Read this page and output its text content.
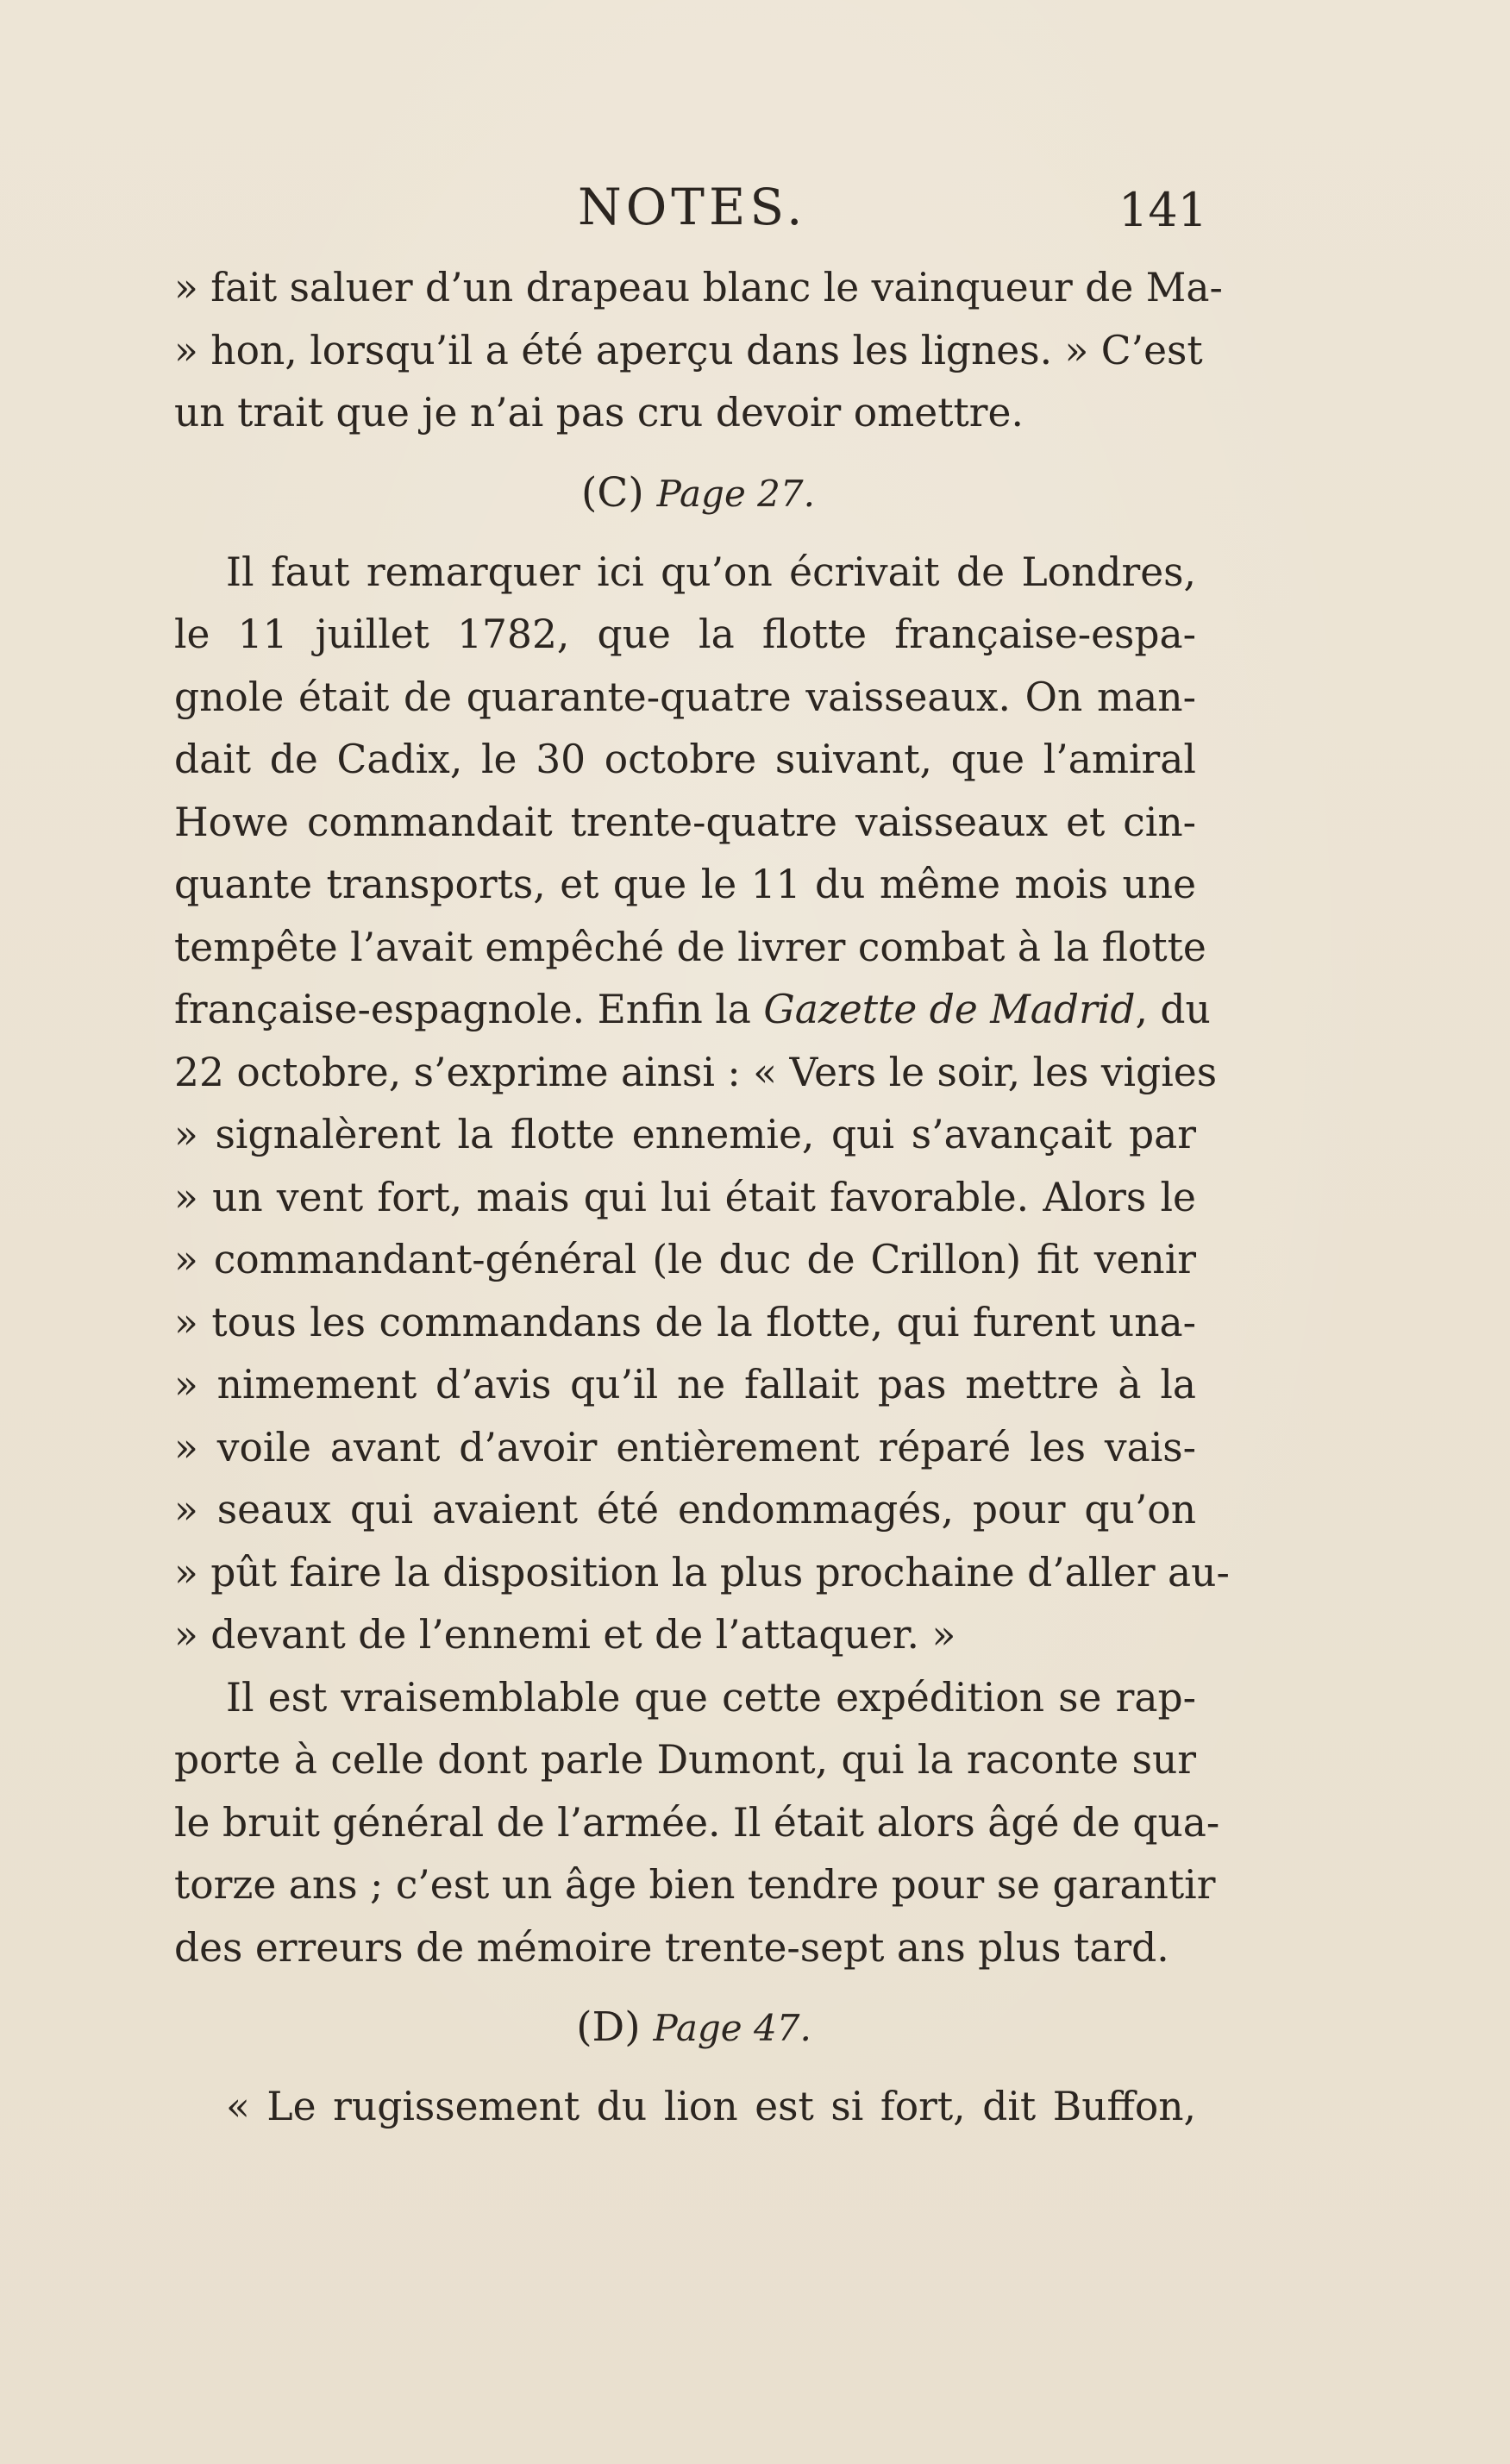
NOTES.	141
» fait saluer d’un drapeau blanc le vainqueur de Ma-
» hon, lorsqu’il a été aperçu dans les lignes. » C’est
un trait que je n’ai pas cru devoir omettre.
(C) Page 27.
Il faut remarquer ici qu’on écrivait de Londres,
le 11 juillet 1782, que la flotte française-espa-
gnole était de quarante-quatre vaisseaux. On man-
dait de Cadix, le 30 octobre suivant, que l’amiral
Howe commandait trente-quatre vaisseaux et cin-
quante transports, et que le 11 du même mois une
tempête l’avait empêché de livrer combat à la flotte
française-espagnole. Enfin la Gazette de Madrid, du
22 octobre, s’exprime ainsi : « Vers le soir, les vigies
» signalèrent la flotte ennemie, qui s’avançait par
» un vent fort, mais qui lui était favorable. Alors le
» commandant-général (le duc de Crillon) fit venir
» tous les commandans de la flotte, qui furent una-
» nimement d’avis qu’il ne fallait pas mettre à la
» voile avant d’avoir entièrement réparé les vais-
» seaux qui avaient été endommagés, pour qu’on
» pût faire la disposition la plus prochaine d’aller au-
» devant de l’ennemi et de l’attaquer. »
Il est vraisemblable que cette expédition se rap-
porte à celle dont parle Dumont, qui la raconte sur
le bruit général de l’armée. Il était alors âgé de qua-
torze ans ; c’est un âge bien tendre pour se garantir
des erreurs de mémoire trente-sept ans plus tard.
(D) Page 47.
« Le rugissement du lion est si fort, dit Buffon,
